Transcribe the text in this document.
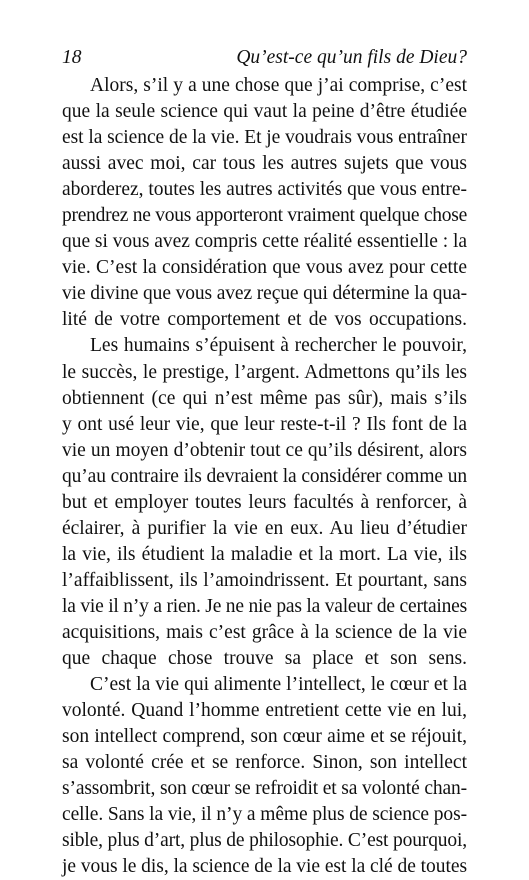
18	Qu’est-ce qu’un fils de Dieu?
Alors, s’il y a une chose que j’ai comprise, c’est
que la seule science qui vaut la peine d’être étudiée
est la science de la vie. Et je voudrais vous entraîner
aussi avec moi, car tous les autres sujets que vous
aborderez, toutes les autres activités que vous entre-
prendrez ne vous apporteront vraiment quelque chose
que si vous avez compris cette réalité essentielle : la
vie. C’est la considération que vous avez pour cette
vie divine que vous avez reçue qui détermine la qua-
lité de votre comportement et de vos occupations.
Les humains s’épuisent à rechercher le pouvoir,
le succès, le prestige, l’argent. Admettons qu’ils les
obtiennent (ce qui n’est même pas sûr), mais s’ils
y ont usé leur vie, que leur reste-t-il ? Ils font de la
vie un moyen d’obtenir tout ce qu’ils désirent, alors
qu’au contraire ils devraient la considérer comme un
but et employer toutes leurs facultés à renforcer, à
éclairer, à purifier la vie en eux. Au lieu d’étudier
la vie, ils étudient la maladie et la mort. La vie, ils
l’affaiblissent, ils l’amoindrissent. Et pourtant, sans
la vie il n’y a rien. Je ne nie pas la valeur de certaines
acquisitions, mais c’est grâce à la science de la vie
que chaque chose trouve sa place et son sens.
C’est la vie qui alimente l’intellect, le cœur et la
volonté. Quand l’homme entretient cette vie en lui,
son intellect comprend, son cœur aime et se réjouit,
sa volonté crée et se renforce. Sinon, son intellect
s’assombrit, son cœur se refroidit et sa volonté chan-
celle. Sans la vie, il n’y a même plus de science pos-
sible, plus d’art, plus de philosophie. C’est pourquoi,
je vous le dis, la science de la vie est la clé de toutes
